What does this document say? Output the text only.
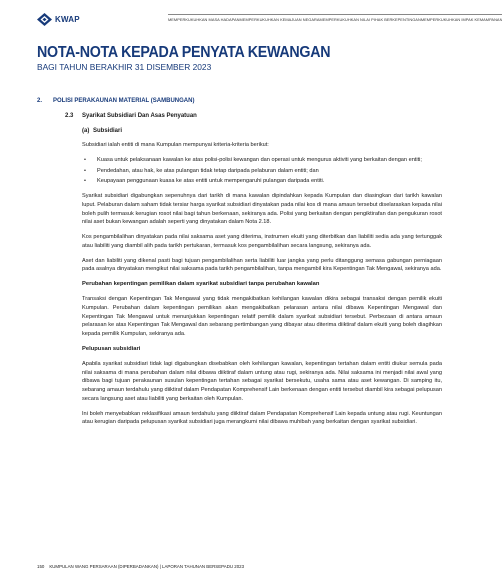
KWAP	MEMPERKUKUHKAN MASA HADAPAN MEMPERKUKUHKAN KEMAJUAN NEGARA MEMPERKUKUHKAN NILAI PIHAK BERKEPENTINGAN MEMPERKUKUHKAN IMPAK KEMAMPANAN
NOTA-NOTA KEPADA PENYATA KEWANGAN
BAGI TAHUN BERAKHIR 31 DISEMBER 2023
2. POLISI PERAKAUNAN MATERIAL (SAMBUNGAN)
2.3 Syarikat Subsidiari Dan Asas Penyatuan
(a) Subsidiari

Subsidiari ialah entiti di mana Kumpulan mempunyai kriteria-kriteria berikut:

• Kuasa untuk pelaksanaan kawalan ke atas polisi-polisi kewangan dan operasi untuk mengurus aktiviti yang berkaitan dengan entiti;
• Pendedahan, atau hak, ke atas pulangan tidak tetap daripada pelaburan dalam entiti; dan
• Keupayaan penggunaan kuasa ke atas entiti untuk mempengaruhi pulangan daripada entiti.

Syarikat subsidiari digabungkan sepenuhnya dari tarikh di mana kawalan dipindahkan kepada Kumpulan dan diasingkan dari tarikh kawalan luput. Pelaburan dalam saham tidak tersiar harga syarikat subsidiari dinyatakan pada nilai kos di mana amaun tersebut diselaraskan kepada nilai boleh pulih termasuk kerugian rosot nilai bagi tahun berkenaan, sekiranya ada. Polisi yang berkaitan dengan pengiktirafan dan pengukuran rosot nilai aset bukan kewangan adalah seperti yang dinyatakan dalam Nota 2.18.

Kos pengambilalihan dinyatakan pada nilai saksama aset yang diterima, instrumen ekuiti yang diterbitkan dan liabiliti sedia ada yang tertunggak atau liabiliti yang diambil alih pada tarikh pertukaran, termasuk kos pengambilalihan secara langsung, sekiranya ada.

Aset dan liabiliti yang dikenal pasti bagi tujuan pengambilalihan serta liabiliti luar jangka yang perlu ditanggung semasa gabungan perniagaan pada asalnya dinyatakan mengikut nilai saksama pada tarikh pengambilalihan, tanpa mengambil kira Kepentingan Tak Mengawal, sekiranya ada.

Perubahan kepentingan pemilikan dalam syarikat subsidiari tanpa perubahan kawalan

Transaksi dengan Kepentingan Tak Mengawal yang tidak mengakibatkan kehilangan kawalan dikira sebagai transaksi dengan pemilik ekuiti Kumpulan. Perubahan dalam kepentingan pemilikan akan mengakibatkan pelarasan antara nilai dibawa Kepentingan Mengawal dan Kepentingan Tak Mengawal untuk menunjukkan kepentingan relatif pemilik dalam syarikat subsidiari tersebut. Perbezaan di antara amaun pelarasan ke atas Kepentingan Tak Mengawal dan sebarang pertimbangan yang dibayar atau diterima diiktiraf dalam ekuiti yang boleh diagihkan kepada pemilik Kumpulan, sekiranya ada.

Pelupusan subsidiari

Apabila syarikat subsidiari tidak lagi digabungkan disebabkan oleh kehilangan kawalan, kepentingan tertahan dalam entiti diukur semula pada nilai saksama di mana perubahan dalam nilai dibawa diiktiraf dalam untung atau rugi, sekiranya ada. Nilai saksama ini menjadi nilai awal yang dibawa bagi tujuan perakaunan susulan kepentingan tertahan sebagai syarikat bersekutu, usaha sama atau aset kewangan. Di samping itu, sebarang amaun terdahulu yang diiktiraf dalam Pendapatan Komprehensif Lain berkenaan dengan entiti tersebut diambil kira sebagai pelupusan secara langsung aset atau liabiliti yang berkaitan oleh Kumpulan.

Ini boleh menyebabkan reklasifikasi amaun terdahulu yang diiktiraf dalam Pendapatan Komprehensif Lain kepada untung atau rugi. Keuntungan atau kerugian daripada pelupusan syarikat subsidiari juga merangkumi nilai dibawa muhibah yang berkaitan dengan syarikat subsidiari.

150 KUMPULAN WANG PERSARAAN (DIPERBADANKAN) | LAPORAN TAHUNAN BERSEPADU 2023
